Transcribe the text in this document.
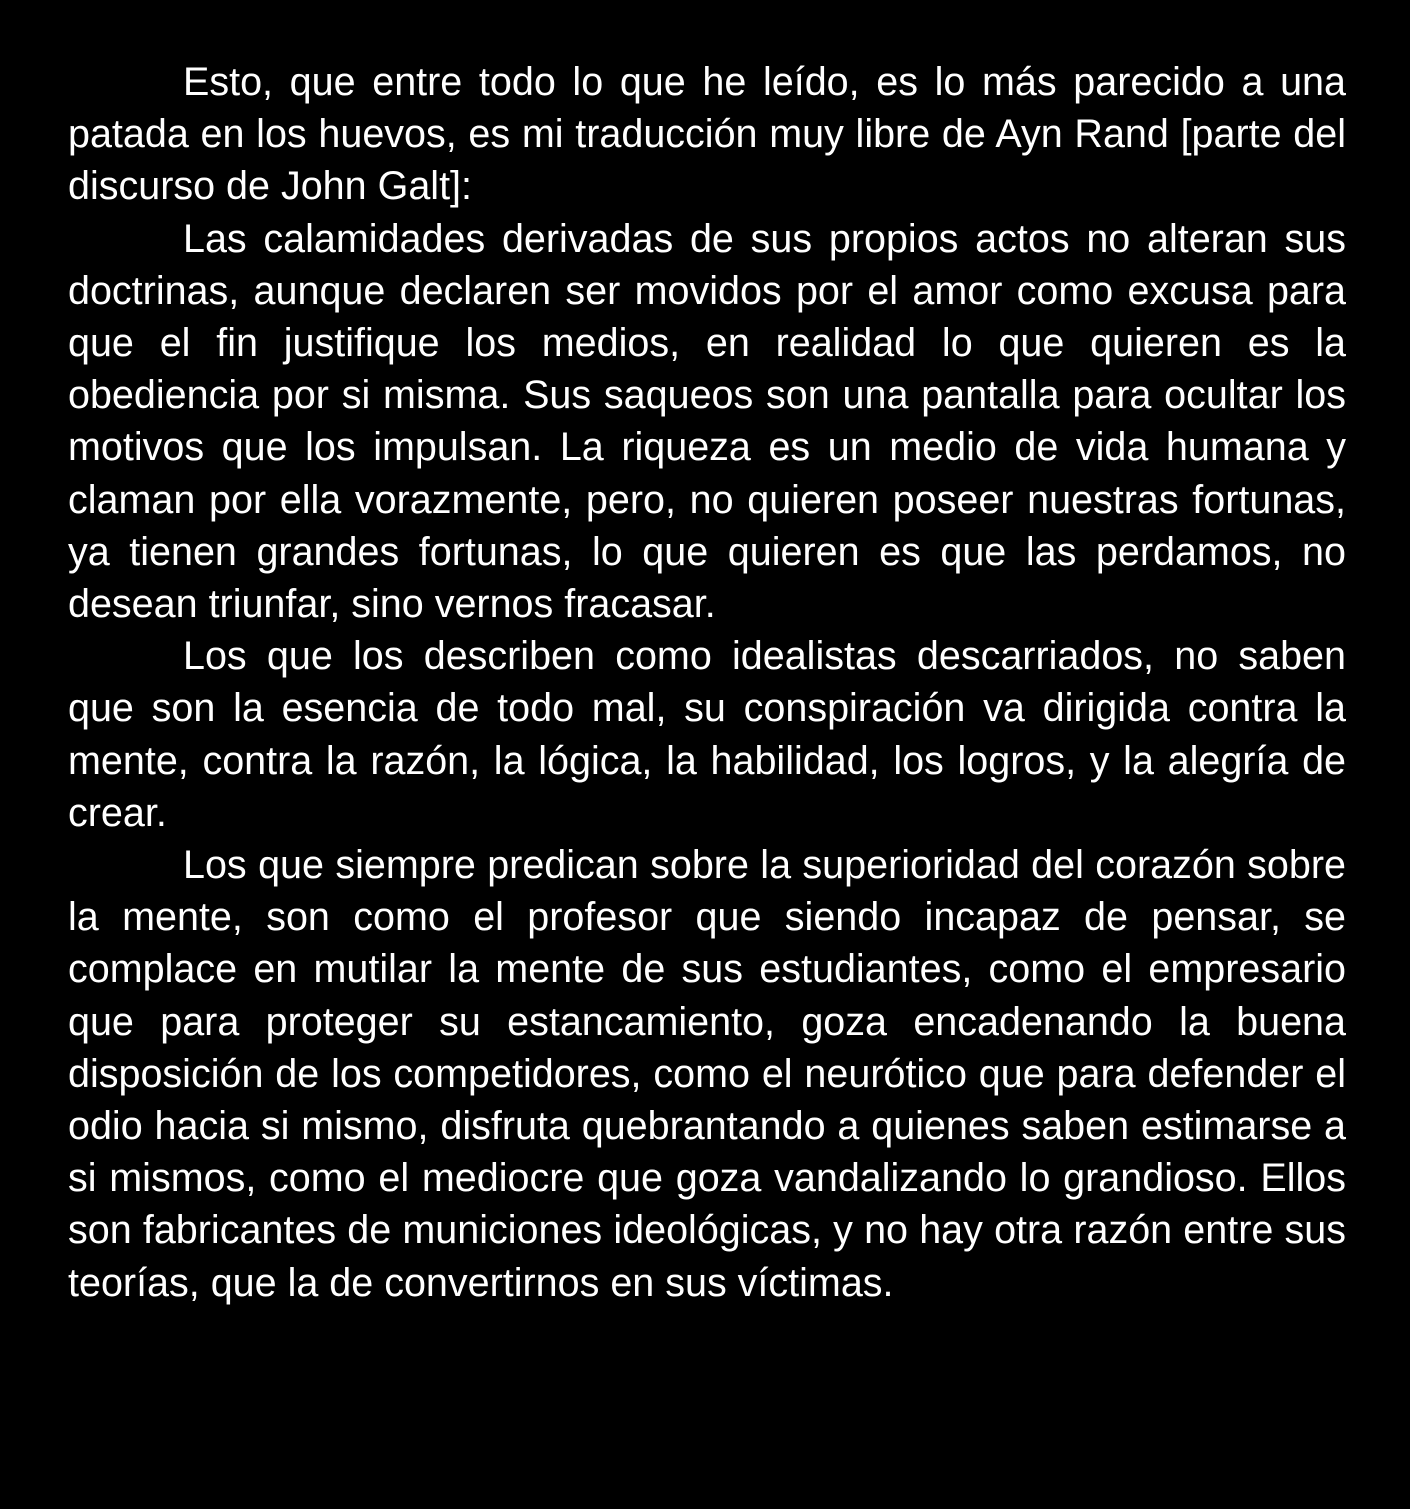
Esto, que entre todo lo que he leído, es lo más parecido a una patada en los huevos, es mi traducción muy libre de Ayn Rand [parte del discurso de John Galt]:

Las calamidades derivadas de sus propios actos no alteran sus doctrinas, aunque declaren ser movidos por el amor como excusa para que el fin justifique los medios, en realidad lo que quieren es la obediencia por si misma. Sus saqueos son una pantalla para ocultar los motivos que los impulsan. La riqueza es un medio de vida humana y claman por ella vorazmente, pero, no quieren poseer nuestras fortunas, ya tienen grandes fortunas, lo que quieren es que las perdamos, no desean triunfar, sino vernos fracasar.

Los que los describen como idealistas descarriados, no saben que son la esencia de todo mal, su conspiración va dirigida contra la mente, contra la razón, la lógica, la habilidad, los logros, y la alegría de crear.

Los que siempre predican sobre la superioridad del corazón sobre la mente, son como el profesor que siendo incapaz de pensar, se complace en mutilar la mente de sus estudiantes, como el empresario que para proteger su estancamiento, goza encadenando la buena disposición de los competidores, como el neurótico que para defender el odio hacia si mismo, disfruta quebrantando a quienes saben estimarse a si mismos, como el mediocre que goza vandalizando lo grandioso. Ellos son fabricantes de municiones ideológicas, y no hay otra razón entre sus teorías, que la de convertirnos en sus víctimas.
